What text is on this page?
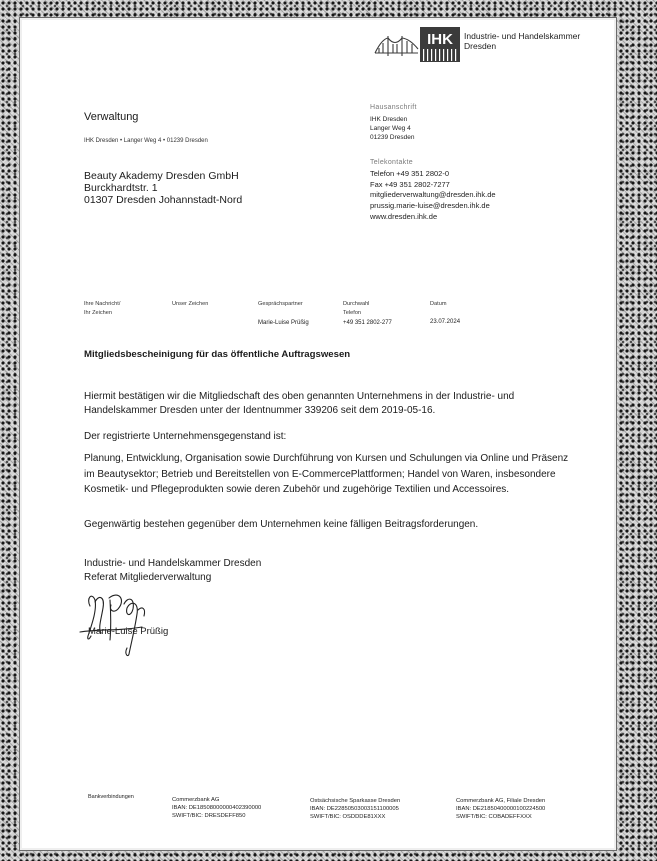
IHK Industrie- und Handelskammer
Dresden
Verwaltung
IHK Dresden • Langer Weg 4 • 01239 Dresden
Hausanschrift
IHK Dresden
Langer Weg 4
01239 Dresden
Telekontakte
Telefon +49 351 2802-0
Fax +49 351 2802-7277
mitgliederverwaltung@dresden.ihk.de
prussig.marie-luise@dresden.ihk.de
www.dresden.ihk.de
Beauty Akademy Dresden GmbH
Burckhardtstr. 1
01307 Dresden Johannstadt-Nord
Ihre Nachricht/
Ihr Zeichen
Unser Zeichen	Gesprächspartner
Marie-Luise Prüßig
Durchwahl
Telefon
+49 351 2802-277
Datum
23.07.2024
Mitgliedsbescheinigung für das öffentliche Auftragswesen
Hiermit bestätigen wir die Mitgliedschaft des oben genannten Unternehmens in der Industrie- und
Handelskammer Dresden unter der Identnummer 339206 seit dem 2019-05-16.
Der registrierte Unternehmensgegenstand ist:
Planung, Entwicklung, Organisation sowie Durchführung von Kursen und Schulungen via Online und Präsenz
im Beautysektor; Betrieb und Bereitstellen von E-CommercePlattformen; Handel von Waren, insbesondere
Kosmetik- und Pflegeprodukten sowie deren Zubehör und zugehörige Textilien und Accessoires.
Gegenwärtig bestehen gegenüber dem Unternehmen keine fälligen Beitragsforderungen.
Industrie- und Handelskammer Dresden
Referat Mitgliederverwaltung
Marie-Luise Prüßig
Bankverbindungen	Commerzbank AG
IBAN: DE18508000000402390000
SWIFT/BIC: DRESDEFF850
Ostsächsische Sparkasse Dresden
IBAN: DE22850503003151100005
SWIFT/BIC: OSDDDE81XXX
Commerzbank AG, Filiale Dresden
IBAN: DE21850400000100224500
SWIFT/BIC: COBADEFFXXX
